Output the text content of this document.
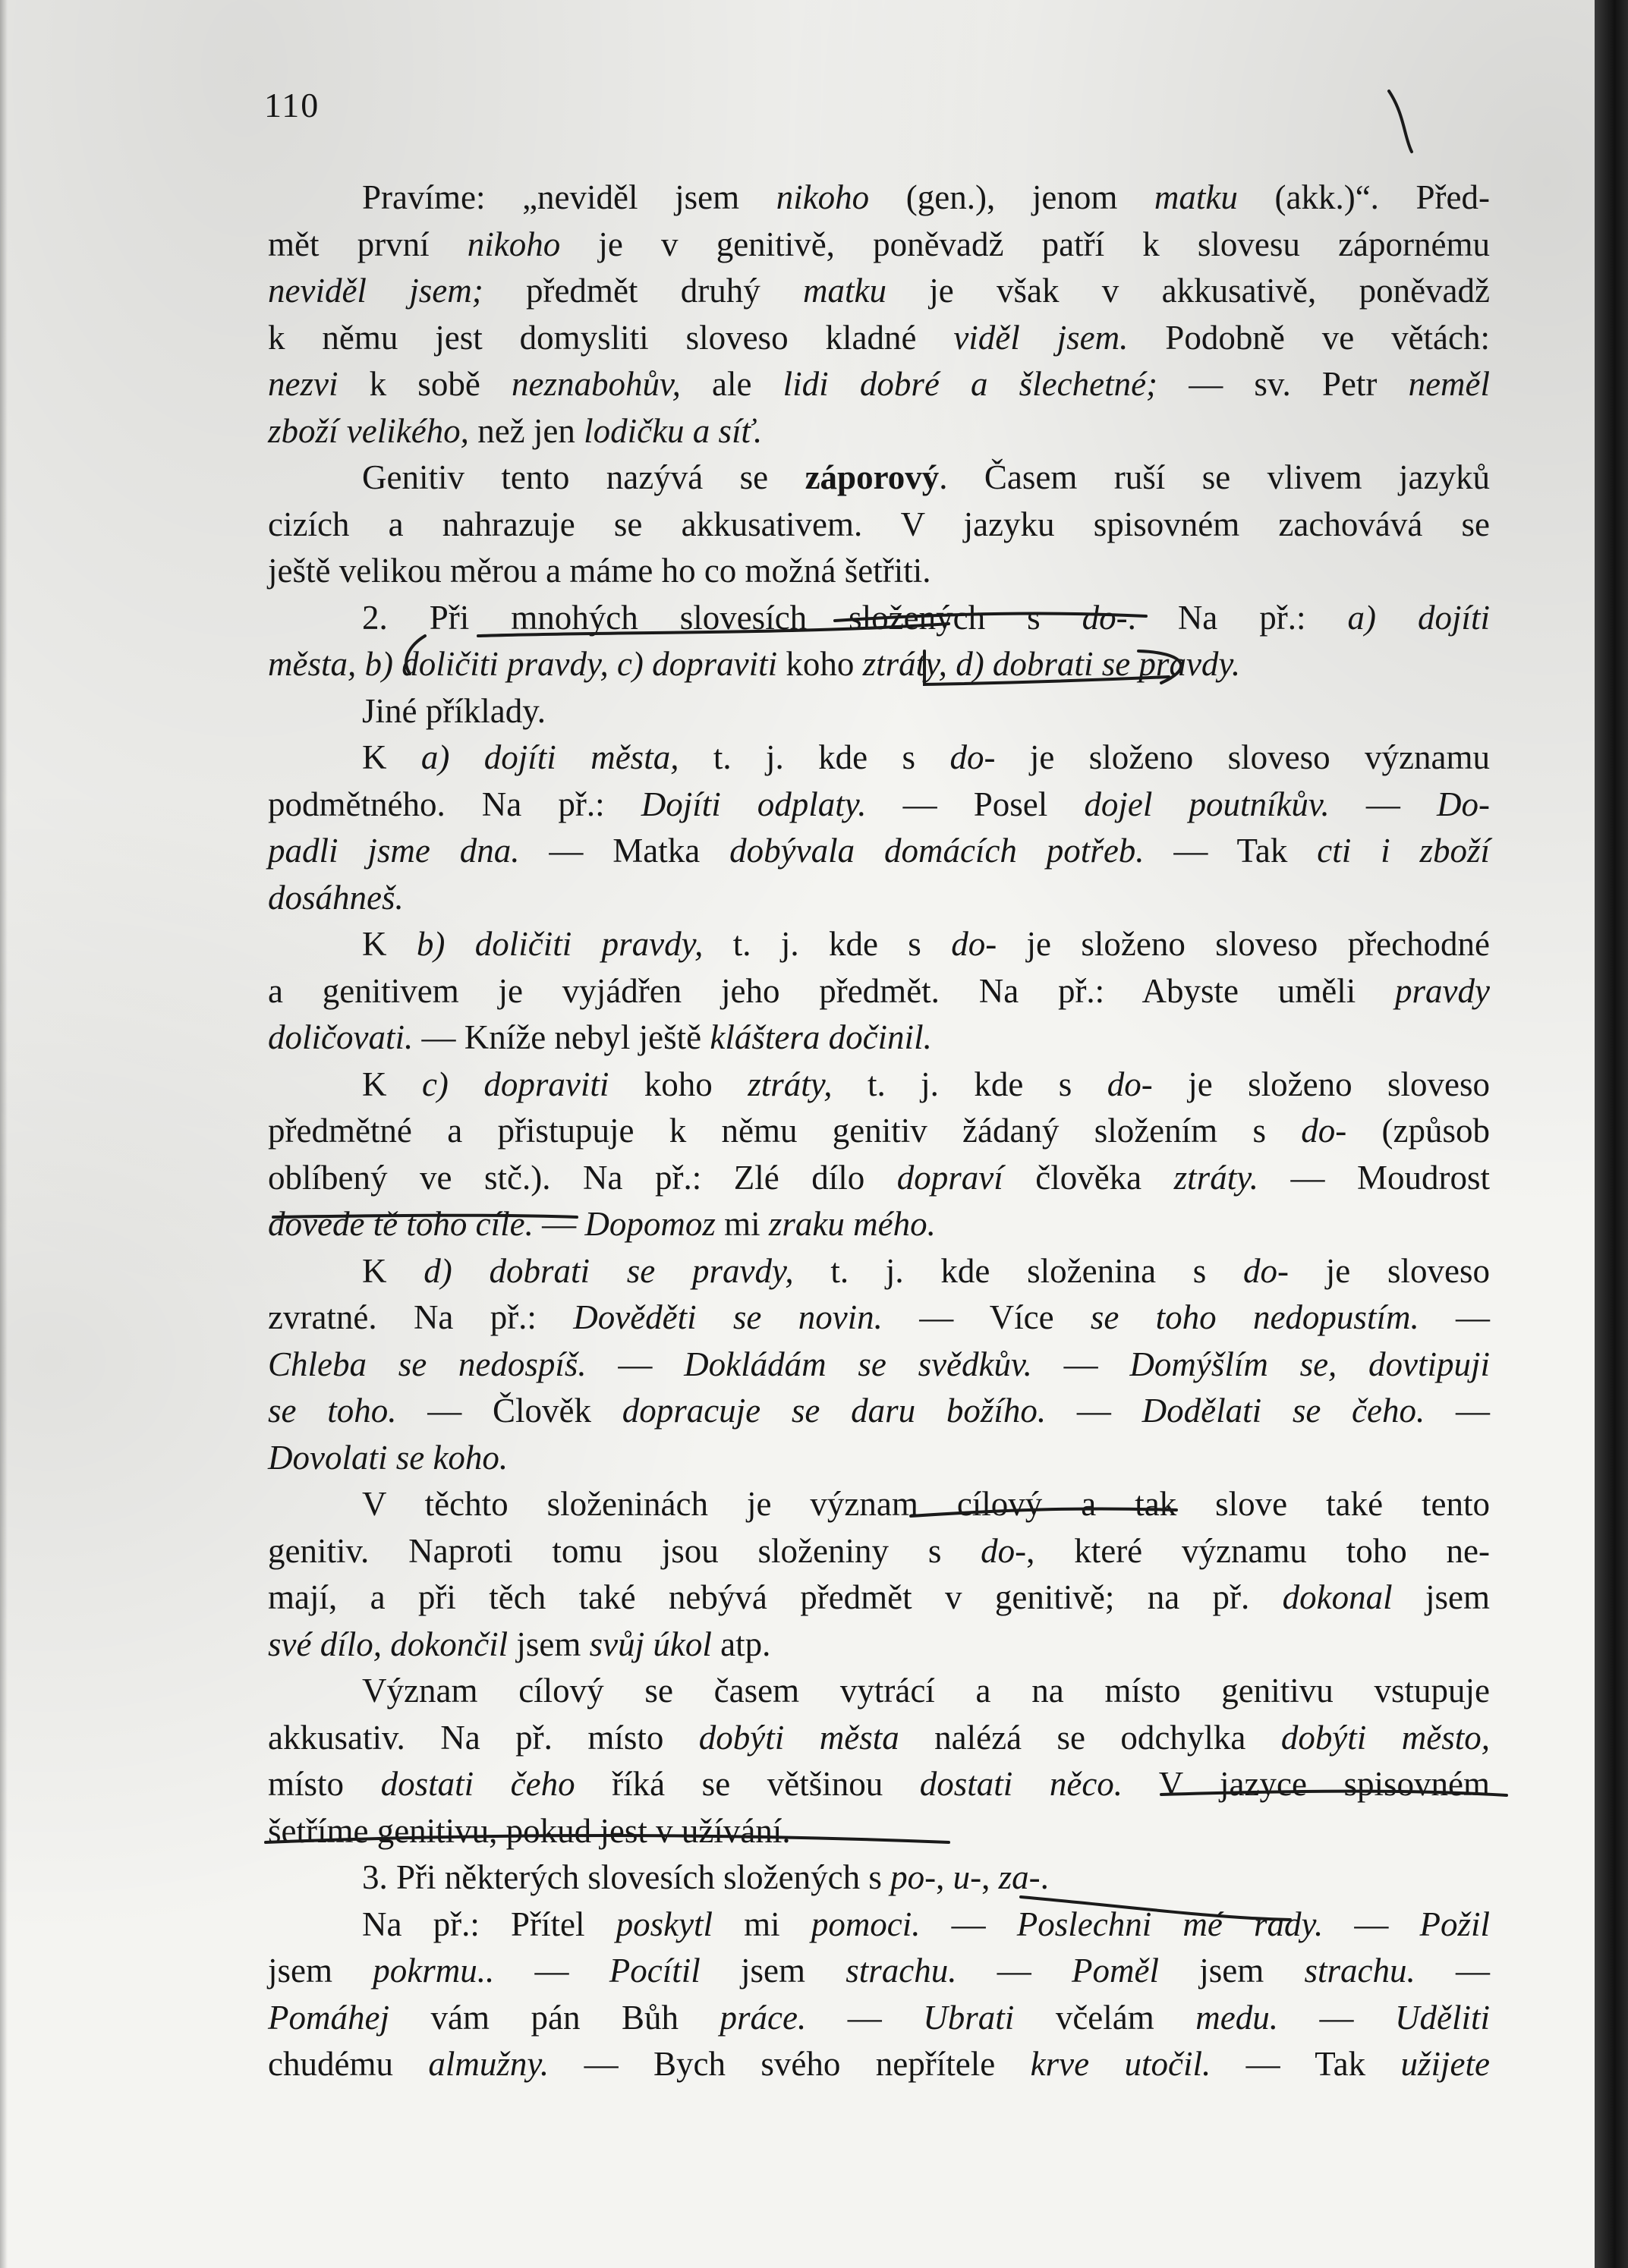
110
Pravíme: „neviděl jsem nikoho (gen.), jenom matku (akk.)“. Před-
mět první nikoho je v genitivě, poněvadž patří k slovesu zápornému
neviděl jsem; předmět druhý matku je však v akkusativě, poněvadž
k němu jest domysliti sloveso kladné viděl jsem. Podobně ve větách:
nezvi k sobě neznabohův, ale lidi dobré a šlechetné; — sv. Petr neměl
zboží velikého, než jen lodičku a síť.
Genitiv tento nazývá se záporový. Časem ruší se vlivem jazyků
cizích a nahrazuje se akkusativem. V jazyku spisovném zachovává se
ještě velikou měrou a máme ho co možná šetřiti.
2. Při mnohých slovesích složených s do-. Na př.: a) dojíti
města, b) doličiti pravdy, c) dopraviti koho ztráty, d) dobrati se pravdy.
Jiné příklady.
K a) dojíti města, t. j. kde s do- je složeno sloveso významu
podmětného. Na př.: Dojíti odplaty. — Posel dojel poutníkův. — Do-
padli jsme dna. — Matka dobývala domácích potřeb. — Tak cti i zboží
dosáhneš.
K b) doličiti pravdy, t. j. kde s do- je složeno sloveso přechodné
a genitivem je vyjádřen jeho předmět. Na př.: Abyste uměli pravdy
doličovati. — Kníže nebyl ještě kláštera dočinil.
K c) dopraviti koho ztráty, t. j. kde s do- je složeno sloveso
předmětné a přistupuje k němu genitiv žádaný složením s do- (způsob
oblíbený ve stč.). Na př.: Zlé dílo dopraví člověka ztráty. — Moudrost
dovede tě toho cíle. — Dopomoz mi zraku mého.
K d) dobrati se pravdy, t. j. kde složenina s do- je sloveso
zvratné. Na př.: Dověděti se novin. — Více se toho nedopustím. —
Chleba se nedospíš. — Dokládám se svědkův. — Domýšlím se, dovtipuji
se toho. — Člověk dopracuje se daru božího. — Dodělati se čeho. —
Dovolati se koho.
V těchto složeninách je význam cílový a tak slove také tento
genitiv. Naproti tomu jsou složeniny s do-, které významu toho ne-
mají, a při těch také nebývá předmět v genitivě; na př. dokonal jsem
své dílo, dokončil jsem svůj úkol atp.
Význam cílový se časem vytrácí a na místo genitivu vstupuje
akkusativ. Na př. místo dobýti města nalézá se odchylka dobýti město,
místo dostati čeho říká se většinou dostati něco. V jazyce spisovném
šetříme genitivu, pokud jest v užívání.
3. Při některých slovesích složených s po-, u-, za-.
Na př.: Přítel poskytl mi pomoci. — Poslechni mé rady. — Požil
jsem pokrmu.. — Pocítil jsem strachu. — Poměl jsem strachu. —
Pomáhej vám pán Bůh práce. — Ubrati včelám medu. — Uděliti
chudému almužny. — Bych svého nepřítele krve utočil. — Tak užijete
